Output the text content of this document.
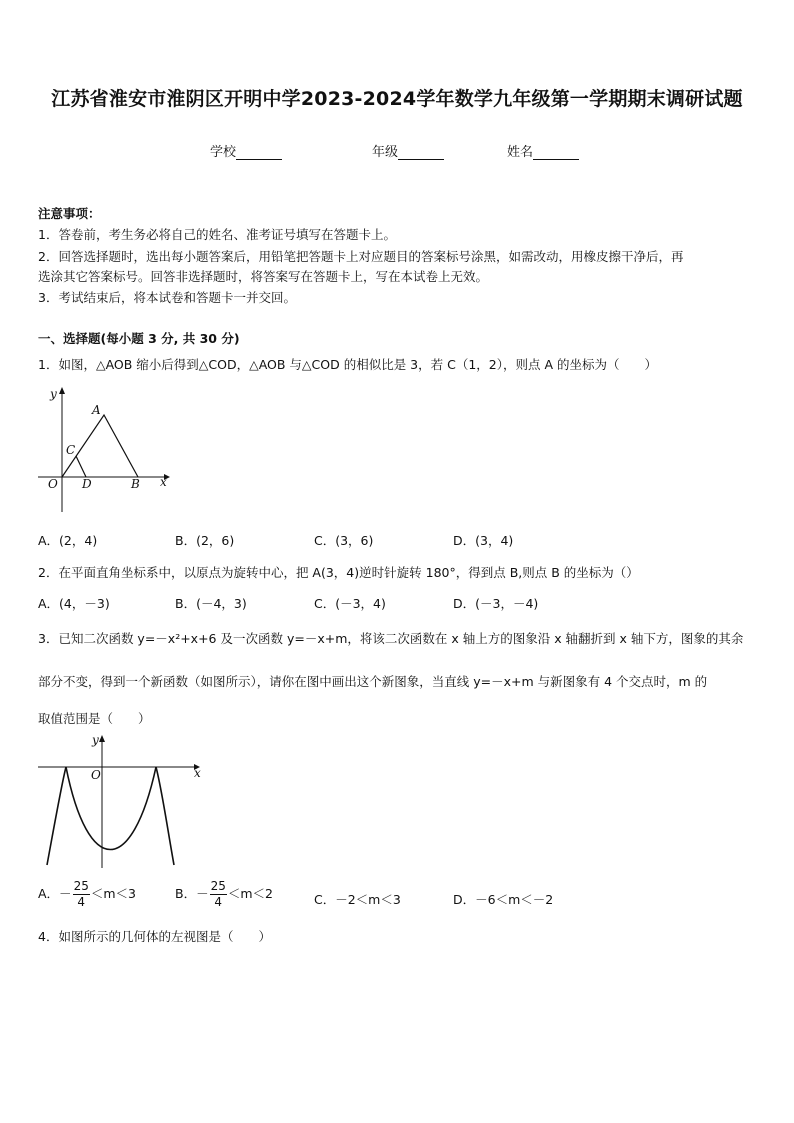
江苏省淮安市淮阴区开明中学2023-2024学年数学九年级第一学期期末调研试题
学校	年级	姓名
注意事项：
1．答卷前，考生务必将自己的姓名、准考证号填写在答题卡上。
2．回答选择题时，选出每小题答案后，用铅笔把答题卡上对应题目的答案标号涂黑，如需改动，用橡皮擦干净后，再
选涂其它答案标号。回答非选择题时，将答案写在答题卡上，写在本试卷上无效。
3．考试结束后，将本试卷和答题卡一并交回。
一、选择题(每小题 3 分, 共 30 分)
1．如图，△AOB 缩小后得到△COD，△AOB 与△COD 的相似比是 3，若 C（1，2），则点 A 的坐标为（　　）
y
x
O
A
C
D	B
A．(2，4)	B．(2，6)	C．(3，6)	D．(3，4)
2．在平面直角坐标系中，以原点为旋转中心，把 A(3，4)逆时针旋转 180°，得到点 B,则点 B 的坐标为（）
A．(4，－3)	B．(－4，3)	C．(－3，4)	D．(－3，－4)
3．已知二次函数 y=－x²+x+6 及一次函数 y=－x+m，将该二次函数在 x 轴上方的图象沿 x 轴翻折到 x 轴下方，图象的其余
部分不变，得到一个新函数（如图所示），请你在图中画出这个新图象，当直线 y=－x+m 与新图象有 4 个交点时，m 的
取值范围是（　　）
y
x
O
A．－ $\frac{25}{4} <m<3$	B．－ $\frac{25}{4} <m<2$	C．－2＜m＜3	D．－6＜m＜－2
4．如图所示的几何体的左视图是（　　）
